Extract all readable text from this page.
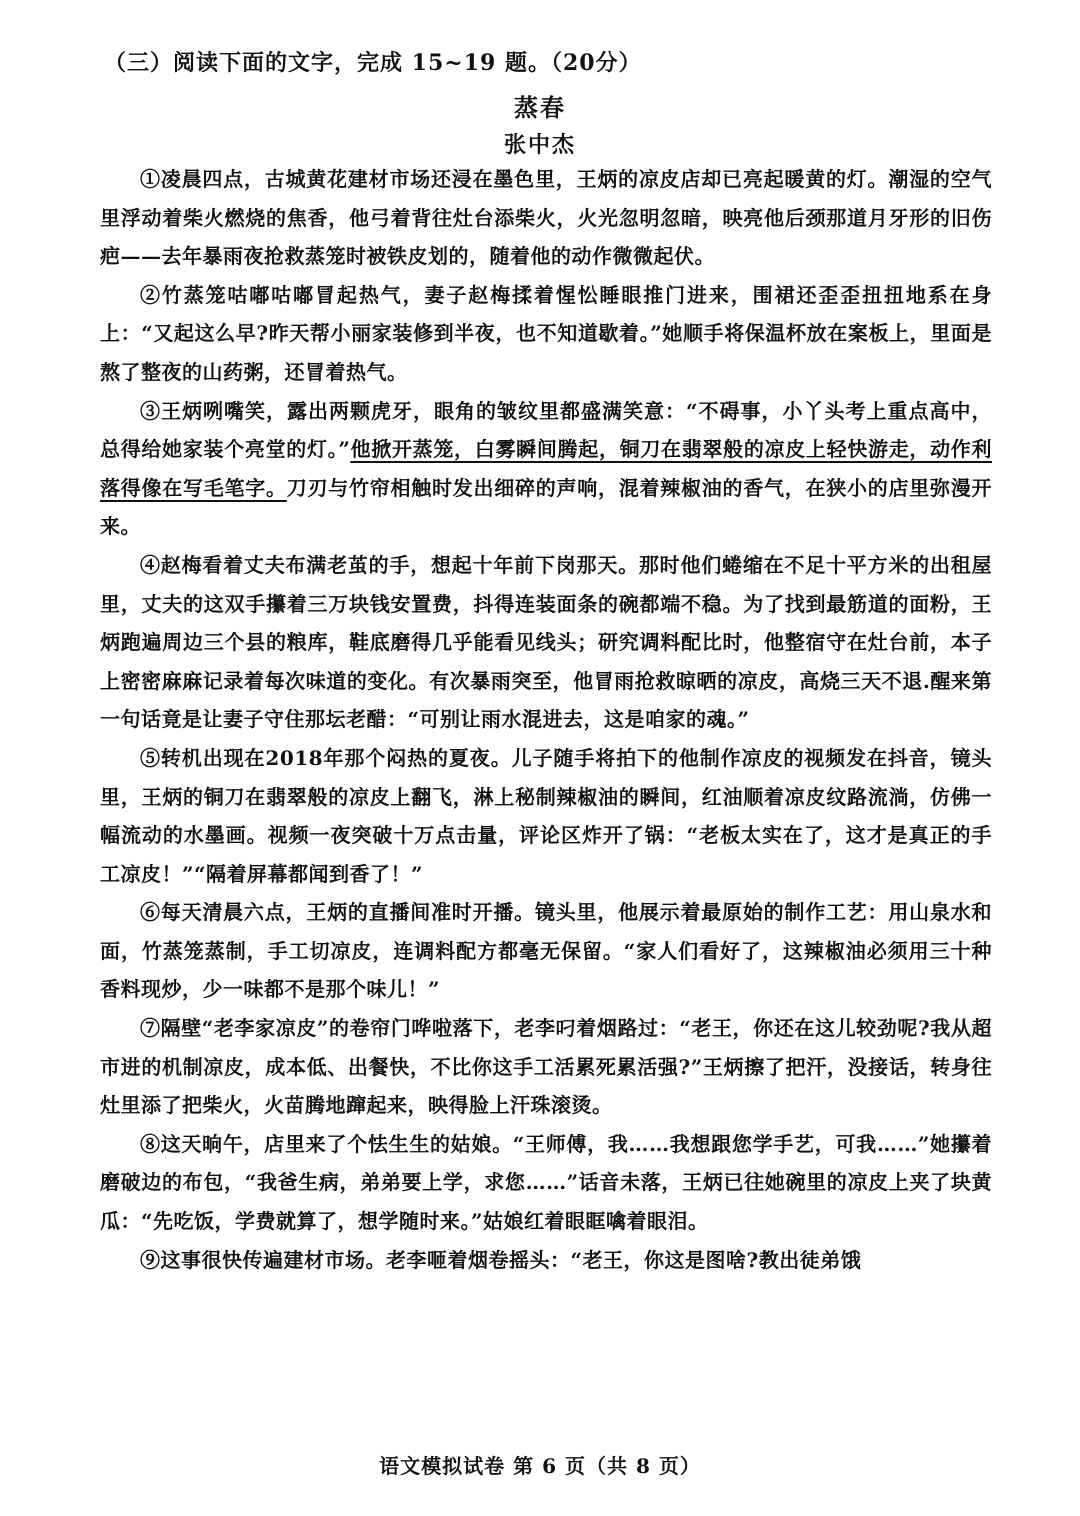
（三）阅读下面的文字，完成 15~19 题。（20分）
蒸春
张中杰

①凌晨四点，古城黄花建材市场还浸在墨色里，王炳的凉皮店却已亮起暖黄的灯。潮湿的空气里浮动着柴火燃烧的焦香，他弓着背往灶台添柴火，火光忽明忽暗，映亮他后颈那道月牙形的旧伤疤——去年暴雨夜抢救蒸笼时被铁皮划的，随着他的动作微微起伏。

②竹蒸笼咕嘟咕嘟冒起热气，妻子赵梅揉着惺忪睡眼推门进来，围裙还歪歪扭扭地系在身上：“又起这么早?昨天帮小丽家装修到半夜，也不知道歇着。”她顺手将保温杯放在案板上，里面是熬了整夜的山药粥，还冒着热气。

③王炳咧嘴笑，露出两颗虎牙，眼角的皱纹里都盛满笑意：“不碍事，小丫头考上重点高中，总得给她家装个亮堂的灯。”他掀开蒸笼，白雾瞬间腾起，铜刀在翡翠般的凉皮上轻快游走，动作利落得像在写毛笔字。刀刃与竹帘相触时发出细碎的声响，混着辣椒油的香气，在狭小的店里弥漫开来。

④赵梅看着丈夫布满老茧的手，想起十年前下岗那天。那时他们蜷缩在不足十平方米的出租屋里，丈夫的这双手攥着三万块钱安置费，抖得连装面条的碗都端不稳。为了找到最筋道的面粉，王炳跑遍周边三个县的粮库，鞋底磨得几乎能看见线头；研究调料配比时，他整宿守在灶台前，本子上密密麻麻记录着每次味道的变化。有次暴雨突至，他冒雨抢救晾晒的凉皮，高烧三天不退.醒来第一句话竟是让妻子守住那坛老醋：“可别让雨水混进去，这是咱家的魂。”

⑤转机出现在2018年那个闷热的夏夜。儿子随手将拍下的他制作凉皮的视频发在抖音，镜头里，王炳的铜刀在翡翠般的凉皮上翻飞，淋上秘制辣椒油的瞬间，红油顺着凉皮纹路流淌，仿佛一幅流动的水墨画。视频一夜突破十万点击量，评论区炸开了锅：“老板太实在了，这才是真正的手工凉皮！”“隔着屏幕都闻到香了！”

⑥每天清晨六点，王炳的直播间准时开播。镜头里，他展示着最原始的制作工艺：用山泉水和面，竹蒸笼蒸制，手工切凉皮，连调料配方都毫无保留。“家人们看好了，这辣椒油必须用三十种香料现炒，少一味都不是那个味儿！”

⑦隔壁“老李家凉皮”的卷帘门哗啦落下，老李叼着烟路过：“老王，你还在这儿较劲呢?我从超市进的机制凉皮，成本低、出餐快，不比你这手工活累死累活强?”王炳擦了把汗，没接话，转身往灶里添了把柴火，火苗腾地蹿起来，映得脸上汗珠滚烫。

⑧这天晌午，店里来了个怯生生的姑娘。“王师傅，我……我想跟您学手艺，可我……”她攥着磨破边的布包，“我爸生病，弟弟要上学，求您……”话音未落，王炳已往她碗里的凉皮上夹了块黄瓜：“先吃饭，学费就算了，想学随时来。”姑娘红着眼眶噙着眼泪。

⑨这事很快传遍建材市场。老李咂着烟卷摇头：“老王，你这是图啥?教出徒弟饿

语文模拟试卷 第 6 页（共 8 页）
